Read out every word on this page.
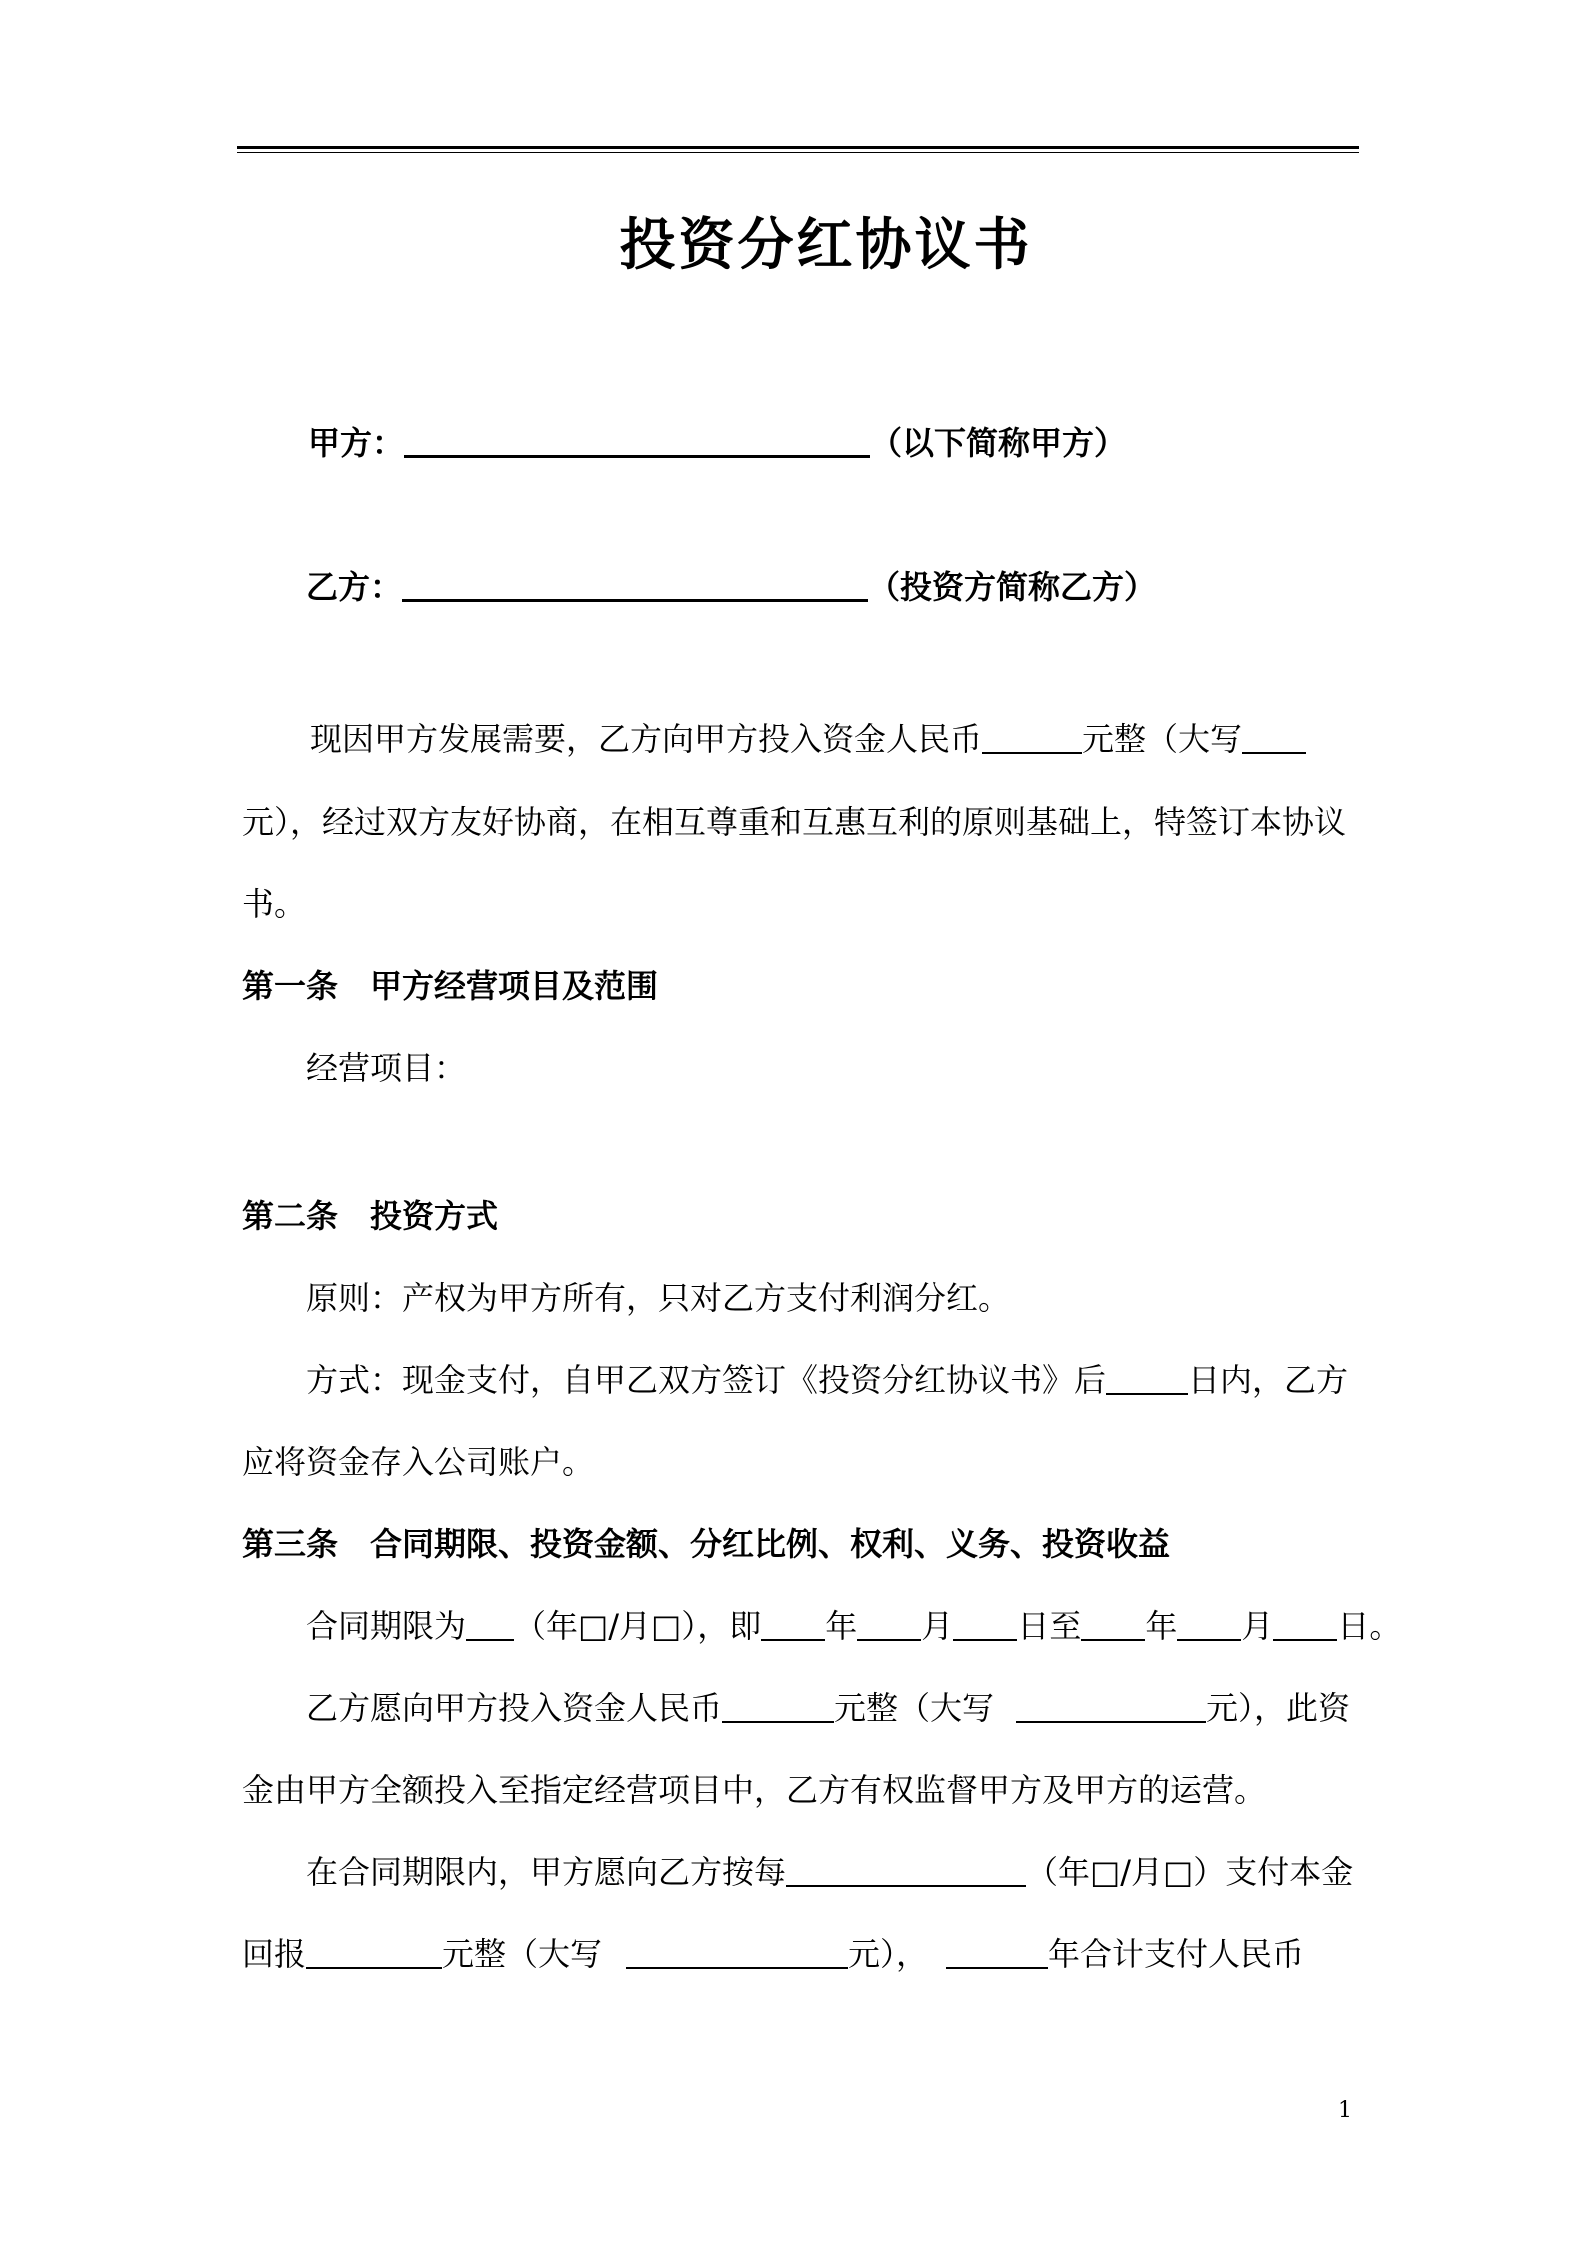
投资分红协议书
甲方：	（以下简称甲方）
乙方：	（投资方简称乙方）
现因甲方发展需要，乙方向甲方投入资金人民币	元整（大写
元），经过双方友好协商，在相互尊重和互惠互利的原则基础上，特签订本协议
书。
第一条 甲方经营项目及范围
经营项目：
第二条 投资方式
原则：产权为甲方所有，只对乙方支付利润分红。
方式：现金支付，自甲乙双方签订《投资分红协议书》后	日内，乙方
应将资金存入公司账户。
第三条 合同期限、投资金额、分红比例、权利、义务、投资收益
合同期限为 （年□/月□），即 年 月 日至 年 月 日。
乙方愿向甲方投入资金人民币	元整（大写	元），此资
金由甲方全额投入至指定经营项目中，乙方有权监督甲方及甲方的运营。
在合同期限内，甲方愿向乙方按每	（年□/月□）支付本金
回报	元整（大写	元），	年合计支付人民币
1
